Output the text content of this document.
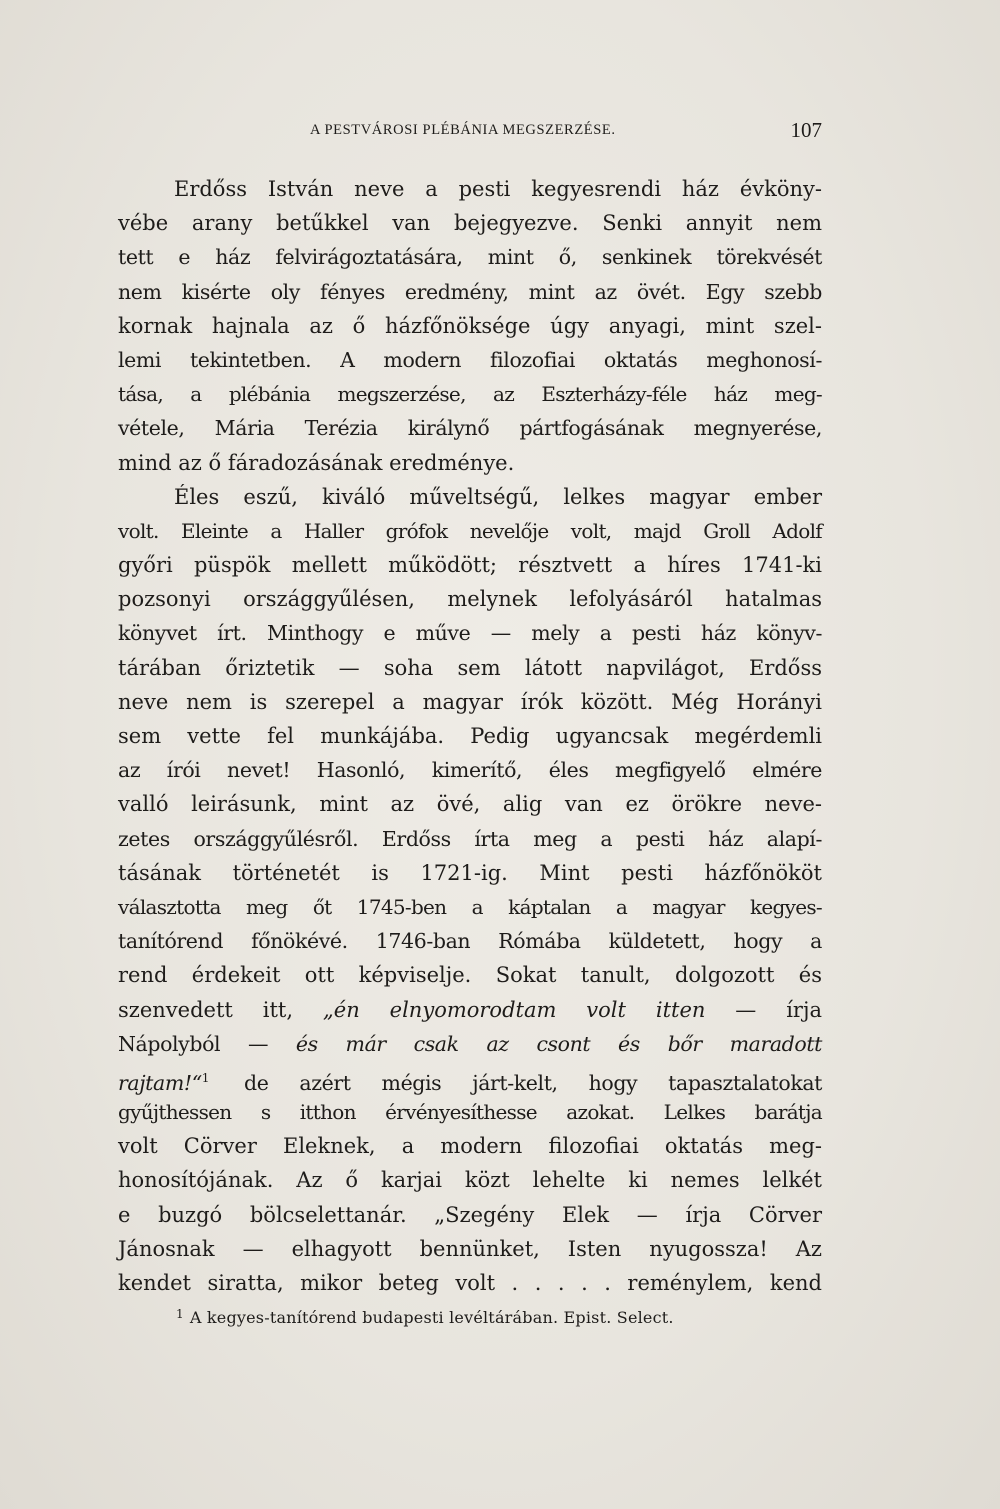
A PESTVÁROSI PLÉBÁNIA MEGSZERZÉSE.	107
Erdőss István neve a pesti kegyesrendi ház évköny-
vébe arany betűkkel van bejegyezve. Senki annyit nem
tett e ház felvirágoztatására, mint ő, senkinek törekvését
nem kisérte oly fényes eredmény, mint az övét. Egy szebb
kornak hajnala az ő házfőnöksége úgy anyagi, mint szel-
lemi tekintetben. A modern filozofiai oktatás meghonosí-
tása, a plébánia megszerzése, az Eszterházy-féle ház meg-
vétele, Mária Terézia királynő pártfogásának megnyerése,
mind az ő fáradozásának eredménye.
Éles eszű, kiváló műveltségű, lelkes magyar ember
volt. Eleinte a Haller grófok nevelője volt, majd Groll Adolf
győri püspök mellett működött; résztvett a híres 1741-ki
pozsonyi országgyűlésen, melynek lefolyásáról hatalmas
könyvet írt. Minthogy e műve — mely a pesti ház könyv-
tárában őriztetik — soha sem látott napvilágot, Erdőss
neve nem is szerepel a magyar írók között. Még Horányi
sem vette fel munkájába. Pedig ugyancsak megérdemli
az írói nevet! Hasonló, kimerítő, éles megfigyelő elmére
valló leirásunk, mint az övé, alig van ez örökre neve-
zetes országgyűlésről. Erdőss írta meg a pesti ház alapí-
tásának történetét is 1721-ig. Mint pesti házfőnököt
választotta meg őt 1745-ben a káptalan a magyar kegyes-
tanítórend főnökévé. 1746-ban Rómába küldetett, hogy a
rend érdekeit ott képviselje. Sokat tanult, dolgozott és
szenvedett itt, „én elnyomorodtam volt itten — írja
Nápolyból — és már csak az csont és bőr maradott
rajtam!“$^1$ de azért mégis járt-kelt, hogy tapasztalatokat
gyűjthessen s itthon érvényesíthesse azokat. Lelkes barátja
volt Cörver Eleknek, a modern filozofiai oktatás meg-
honosítójának. Az ő karjai közt lehelte ki nemes lelkét
e buzgó bölcselettanár. „Szegény Elek — írja Cörver
Jánosnak — elhagyott bennünket, Isten nyugossza! Az
kendet siratta, mikor beteg volt . . . . . reménylem, kend
$^1$ A kegyes-tanítórend budapesti levéltárában. Epist. Select.
